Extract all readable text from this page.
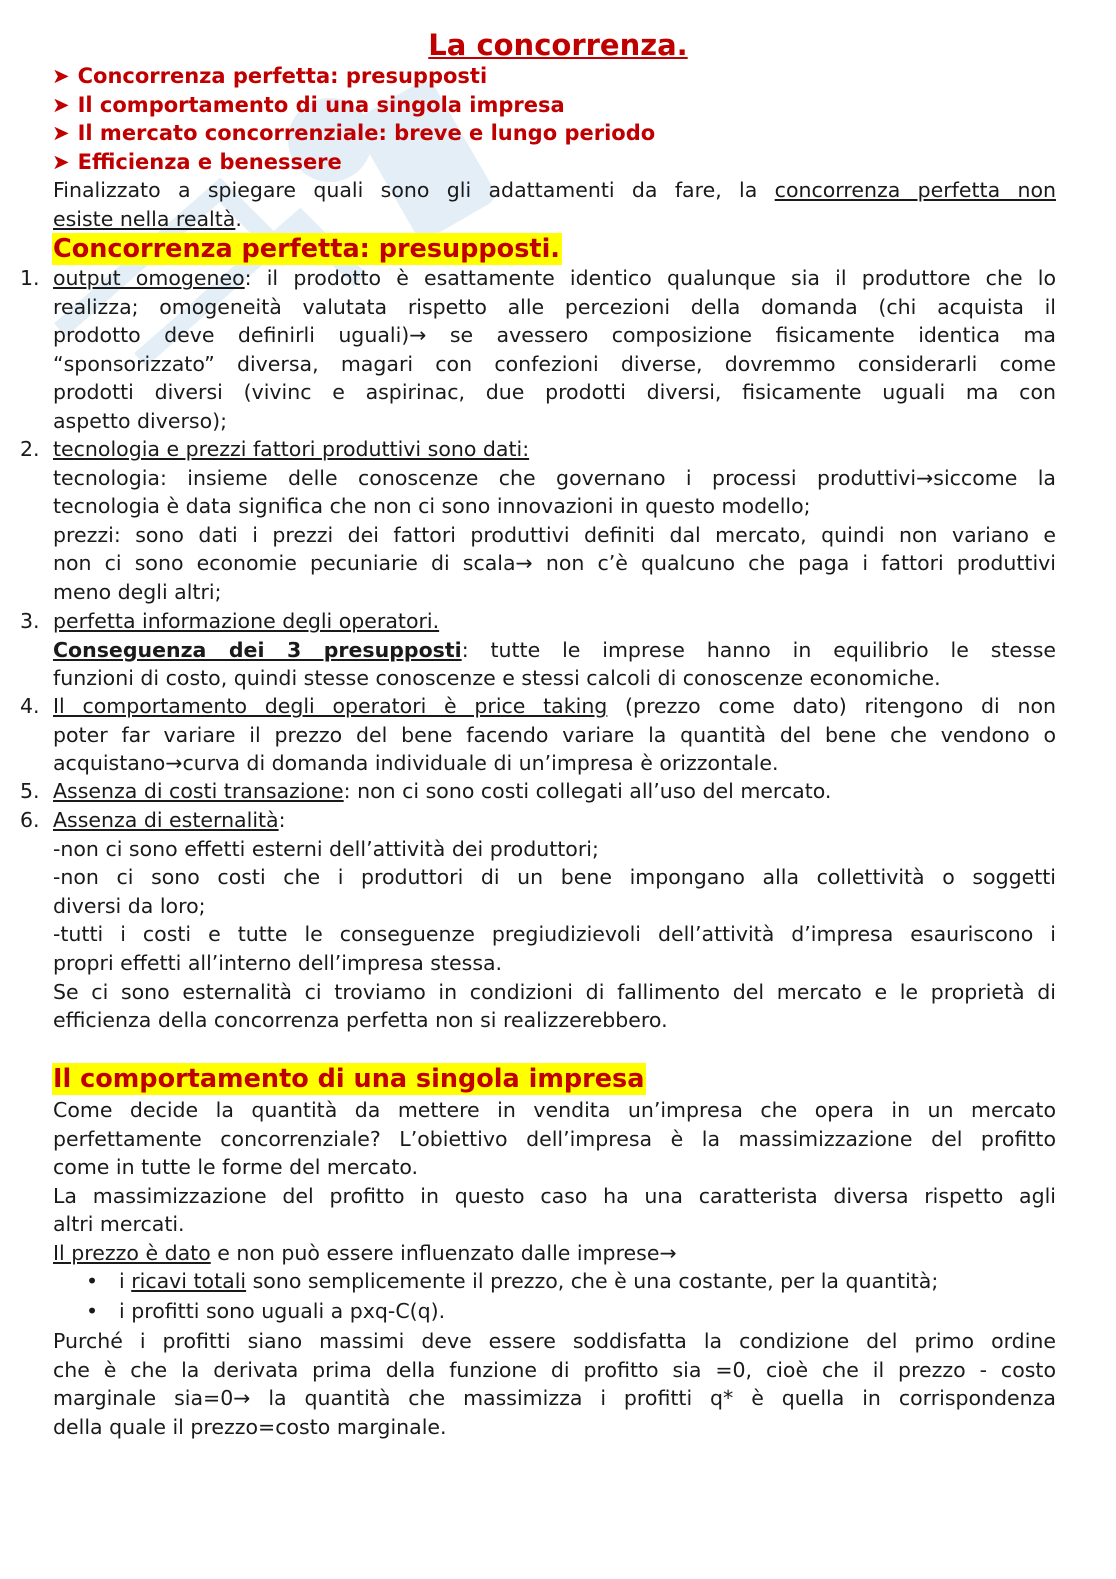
La concorrenza.
➤ Concorrenza perfetta: presupposti
➤ Il comportamento di una singola impresa
➤ Il mercato concorrenziale: breve e lungo periodo
➤ Efficienza e benessere
Finalizzato a spiegare quali sono gli adattamenti da fare, la concorrenza perfetta non
esiste nella realtà.
Concorrenza perfetta: presupposti.
1. output omogeneo: il prodotto è esattamente identico qualunque sia il produttore che lo
realizza; omogeneità valutata rispetto alle percezioni della domanda (chi acquista il
prodotto deve definirli uguali)→ se avessero composizione fisicamente identica ma
“sponsorizzato” diversa, magari con confezioni diverse, dovremmo considerarli come
prodotti diversi (vivinc e aspirinac, due prodotti diversi, fisicamente uguali ma con
aspetto diverso);
2. tecnologia e prezzi fattori produttivi sono dati:
tecnologia: insieme delle conoscenze che governano i processi produttivi→siccome la
tecnologia è data significa che non ci sono innovazioni in questo modello;
prezzi: sono dati i prezzi dei fattori produttivi definiti dal mercato, quindi non variano e
non ci sono economie pecuniarie di scala→ non c’è qualcuno che paga i fattori produttivi
meno degli altri;
3. perfetta informazione degli operatori.
Conseguenza dei 3 presupposti: tutte le imprese hanno in equilibrio le stesse
funzioni di costo, quindi stesse conoscenze e stessi calcoli di conoscenze economiche.
4. Il comportamento degli operatori è price taking (prezzo come dato) ritengono di non
poter far variare il prezzo del bene facendo variare la quantità del bene che vendono o
acquistano→curva di domanda individuale di un’impresa è orizzontale.
5. Assenza di costi transazione: non ci sono costi collegati all’uso del mercato.
6. Assenza di esternalità:
-non ci sono effetti esterni dell’attività dei produttori;
-non ci sono costi che i produttori di un bene impongano alla collettività o soggetti
diversi da loro;
-tutti i costi e tutte le conseguenze pregiudizievoli dell’attività d’impresa esauriscono i
propri effetti all’interno dell’impresa stessa.
Se ci sono esternalità ci troviamo in condizioni di fallimento del mercato e le proprietà di
efficienza della concorrenza perfetta non si realizzerebbero.
Il comportamento di una singola impresa
Come decide la quantità da mettere in vendita un’impresa che opera in un mercato
perfettamente concorrenziale? L’obiettivo dell’impresa è la massimizzazione del profitto
come in tutte le forme del mercato.
La massimizzazione del profitto in questo caso ha una caratterista diversa rispetto agli
altri mercati.
Il prezzo è dato e non può essere influenzato dalle imprese→
• i ricavi totali sono semplicemente il prezzo, che è una costante, per la quantità;
• i profitti sono uguali a pxq-C(q).
Purché i profitti siano massimi deve essere soddisfatta la condizione del primo ordine
che è che la derivata prima della funzione di profitto sia =0, cioè che il prezzo - costo
marginale sia=0→ la quantità che massimizza i profitti q* è quella in corrispondenza
della quale il prezzo=costo marginale.
